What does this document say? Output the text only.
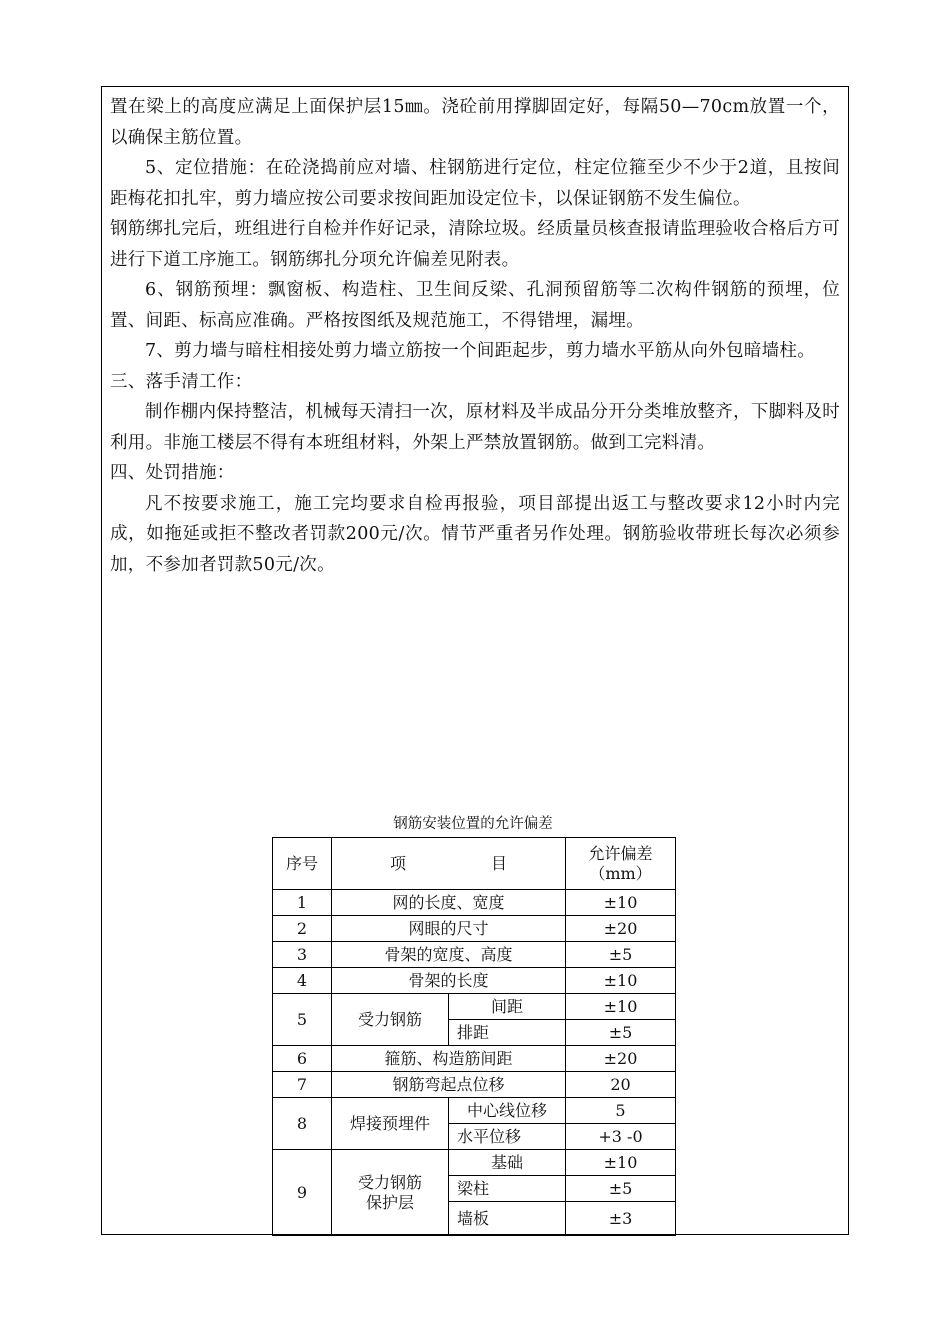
置在梁上的高度应满足上面保护层15㎜。浇砼前用撑脚固定好，每隔50—70cm放置一个，以确保主筋位置。

5、定位措施：在砼浇捣前应对墙、柱钢筋进行定位，柱定位箍至少不少于2道，且按间距梅花扣扎牢，剪力墙应按公司要求按间距加设定位卡，以保证钢筋不发生偏位。

钢筋绑扎完后，班组进行自检并作好记录，清除垃圾。经质量员核查报请监理验收合格后方可进行下道工序施工。钢筋绑扎分项允许偏差见附表。

6、钢筋预埋：飘窗板、构造柱、卫生间反梁、孔洞预留筋等二次构件钢筋的预埋，位置、间距、标高应准确。严格按图纸及规范施工，不得错埋，漏埋。

7、剪力墙与暗柱相接处剪力墙立筋按一个间距起步，剪力墙水平筋从向外包暗墙柱。

三、落手清工作：

制作棚内保持整洁，机械每天清扫一次，原材料及半成品分开分类堆放整齐，下脚料及时利用。非施工楼层不得有本班组材料，外架上严禁放置钢筋。做到工完料清。

四、处罚措施：

凡不按要求施工，施工完均要求自检再报验，项目部提出返工与整改要求12小时内完成，如拖延或拒不整改者罚款200元/次。情节严重者另作处理。钢筋验收带班长每次必须参加，不参加者罚款50元/次。

钢筋安装位置的允许偏差
序号	项 目		允许偏差
（mm）

1	网的长度、宽度		±10
2	网眼的尺寸		±20
3	骨架的宽度、高度		±5
4	骨架的长度		±10
5	受力钢筋	间距	±10
		排距	±5
6	箍筋、构造筋间距		±20
7	钢筋弯起点位移		20
8	焊接预埋件	中心线位移	5
		水平位移	+3 -0
9	受力钢筋
保护层	基础	±10
		梁柱	±5
		墙板	±3
